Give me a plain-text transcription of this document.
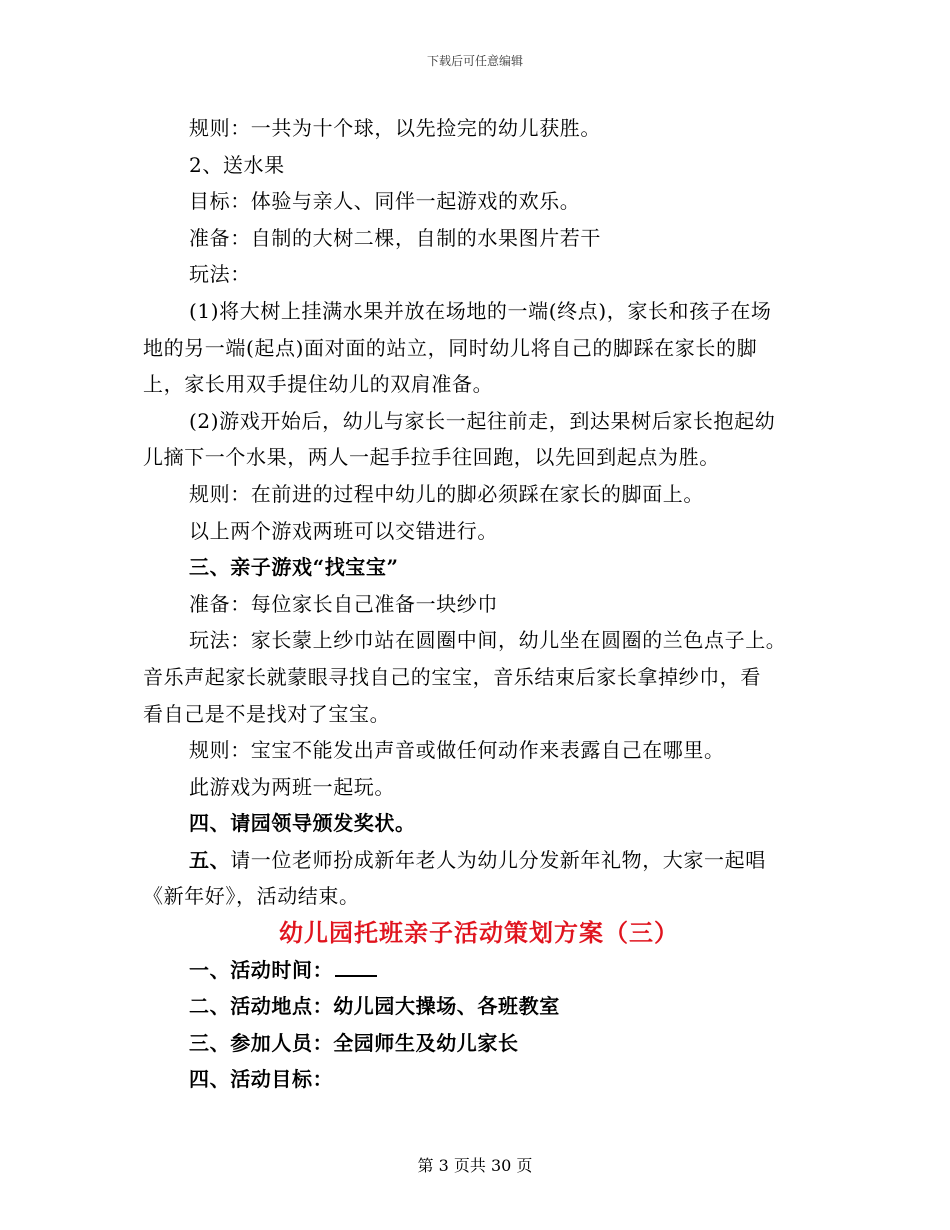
下载后可任意编辑

规则：一共为十个球，以先捡完的幼儿获胜。

2、送水果

目标：体验与亲人、同伴一起游戏的欢乐。

准备：自制的大树二棵，自制的水果图片若干

玩法：

(1)将大树上挂满水果并放在场地的一端(终点)，家长和孩子在场

地的另一端(起点)面对面的站立，同时幼儿将自己的脚踩在家长的脚

上，家长用双手提住幼儿的双肩准备。

(2)游戏开始后，幼儿与家长一起往前走，到达果树后家长抱起幼

儿摘下一个水果，两人一起手拉手往回跑，以先回到起点为胜。

规则：在前进的过程中幼儿的脚必须踩在家长的脚面上。

以上两个游戏两班可以交错进行。

三、亲子游戏“找宝宝”

准备：每位家长自己准备一块纱巾

玩法：家长蒙上纱巾站在圆圈中间，幼儿坐在圆圈的兰色点子上。

音乐声起家长就蒙眼寻找自己的宝宝，音乐结束后家长拿掉纱巾，看

看自己是不是找对了宝宝。

规则：宝宝不能发出声音或做任何动作来表露自己在哪里。

此游戏为两班一起玩。

四、请园领导颁发奖状。

五、请一位老师扮成新年老人为幼儿分发新年礼物，大家一起唱

《新年好》，活动结束。

幼儿园托班亲子活动策划方案（三）

一、活动时间：

二、活动地点：幼儿园大操场、各班教室

三、参加人员：全园师生及幼儿家长

四、活动目标：

第 3 页共 30 页
